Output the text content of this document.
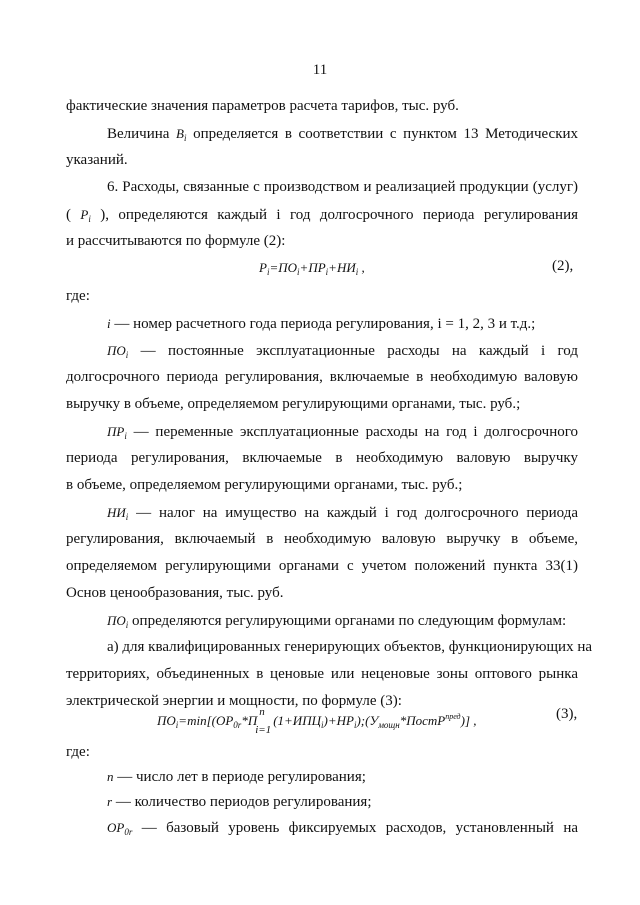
11
фактические значения параметров расчета тарифов, тыс. руб.
Величина $B_i$ определяется в соответствии с пунктом 13 Методических
указаний.
6. Расходы, связанные с производством и реализацией продукции (услуг)
( $P_i$ ), определяются каждый i год долгосрочного периода регулирования
и рассчитываются по формуле (2):
$P_i=ПО_i+ПР_i+НИ_i$ ,	(2),
где:
i — номер расчетного года периода регулирования, i = 1, 2, 3 и т.д.;
$ПО_i$ — постоянные эксплуатационные расходы на каждый i год
долгосрочного периода регулирования, включаемые в необходимую валовую
выручку в объеме, определяемом регулирующими органами, тыс. руб.;
$ПР_i$ — переменные эксплуатационные расходы на год i долгосрочного
периода регулирования, включаемые в необходимую валовую выручку
в объеме, определяемом регулирующими органами, тыс. руб.;
$НИ_i$ — налог на имущество на каждый i год долгосрочного периода
регулирования, включаемый в необходимую валовую выручку в объеме,
определяемом регулирующими органами с учетом положений пункта 33(1)
Основ ценообразования, тыс. руб.
$ПО_i$ определяются регулирующими органами по следующим формулам:
а) для квалифицированных генерирующих объектов, функционирующих на
территориях, объединенных в ценовые или неценовые зоны оптового рынка
электрической энергии и мощности, по формуле (3):
$ПО_i=\min[(ОР_{0r}*П$
n
i=1
$(1+ИПЦ_i)+НР_i);(У_{мощн}*ПостР^{пред})$] ,	(3),
где:
n — число лет в периоде регулирования;
r — количество периодов регулирования;
$ОР_{0r}$ — базовый уровень фиксируемых расходов, установленный на
